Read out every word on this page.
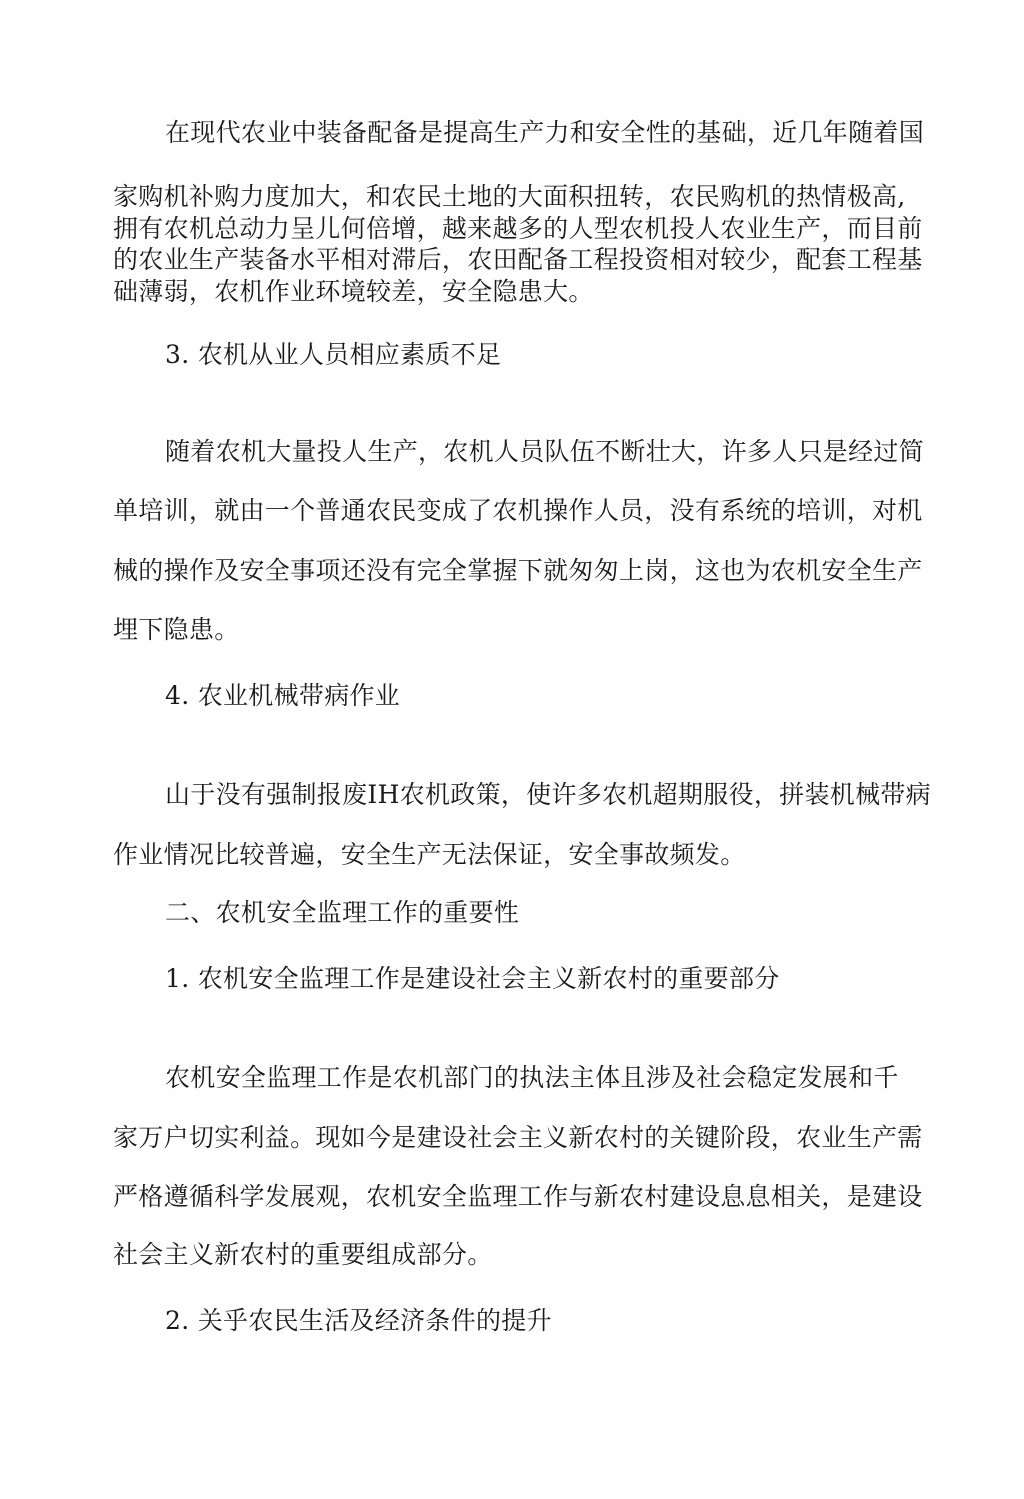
在现代农业中装备配备是提高生产力和安全性的基础，近几年随着国
家购机补购力度加大，和农民土地的大面积扭转，农民购机的热情极高,
拥有农机总动力呈儿何倍增，越来越多的人型农机投人农业生产，而目前
的农业生产装备水平相对滞后，农田配备工程投资相对较少，配套工程基
础薄弱，农机作业环境较差，安全隐患大。
3. 农机从业人员相应素质不足
随着农机大量投人生产，农机人员队伍不断壮大，许多人只是经过简
单培训，就由一个普通农民变成了农机操作人员，没有系统的培训，对机
械的操作及安全事项还没有完全掌握下就匆匆上岗，这也为农机安全生产
埋下隐患。
4. 农业机械带病作业
山于没有强制报废IH农机政策，使许多农机超期服役，拼装机械带病
作业情况比较普遍，安全生产无法保证，安全事故频发。
二、农机安全监理工作的重要性
1. 农机安全监理工作是建设社会主义新农村的重要部分
农机安全监理工作是农机部门的执法主体且涉及社会稳定发展和千
家万户切实利益。现如今是建设社会主义新农村的关键阶段，农业生产需
严格遵循科学发展观，农机安全监理工作与新农村建设息息相关，是建设
社会主义新农村的重要组成部分。
2. 关乎农民生活及经济条件的提升
